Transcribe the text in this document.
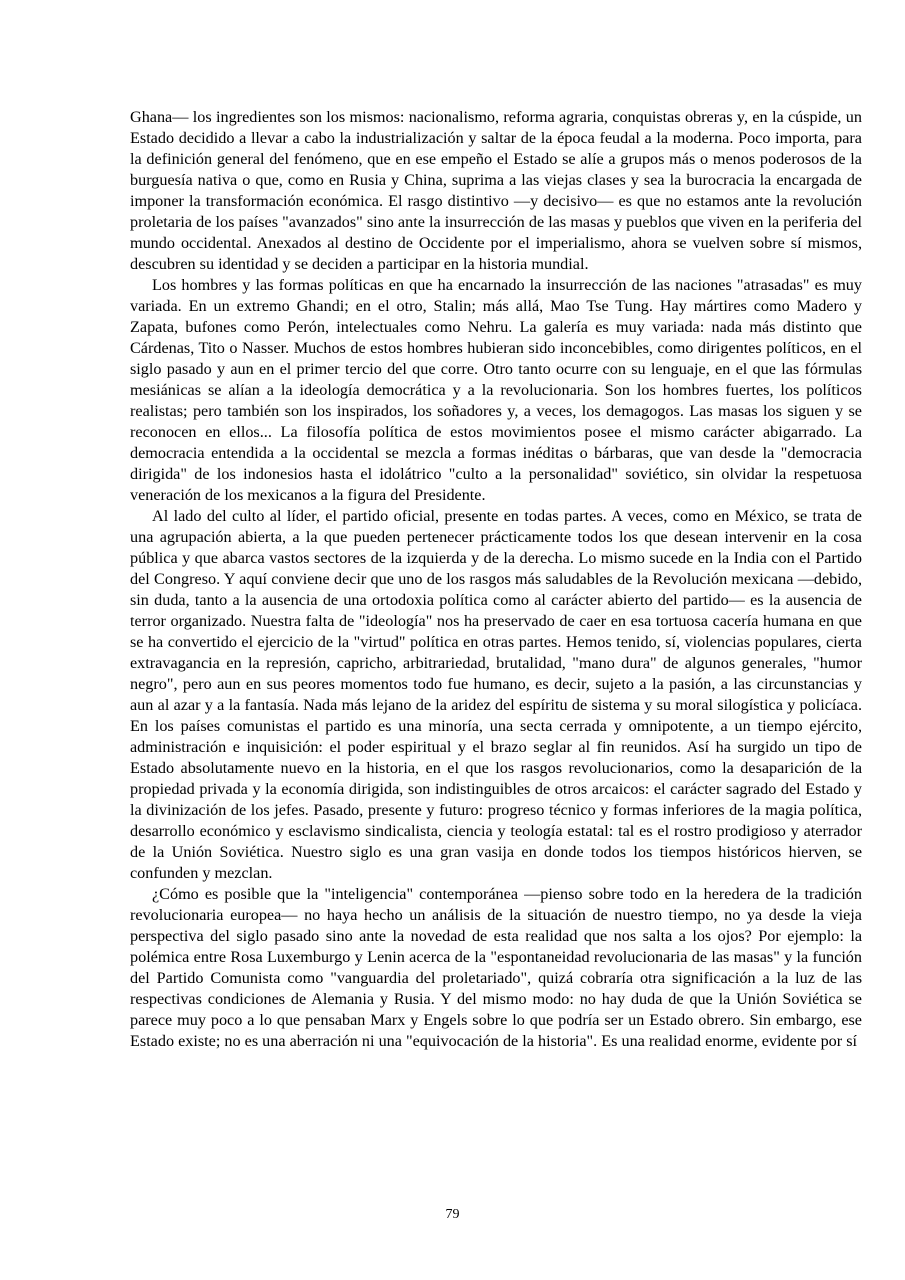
Ghana— los ingredientes son los mismos: nacionalismo, reforma agraria, conquistas obreras y, en la cúspide, un Estado decidido a llevar a cabo la industrialización y saltar de la época feudal a la moderna. Poco importa, para la definición general del fenómeno, que en ese empeño el Estado se alíe a grupos más o menos poderosos de la burguesía nativa o que, como en Rusia y China, suprima a las viejas clases y sea la burocracia la encargada de imponer la transformación económica. El rasgo distintivo —y decisivo— es que no estamos ante la revolución proletaria de los países "avanzados" sino ante la insurrección de las masas y pueblos que viven en la periferia del mundo occidental. Anexados al destino de Occidente por el imperialismo, ahora se vuelven sobre sí mismos, descubren su identidad y se deciden a participar en la historia mundial.

Los hombres y las formas políticas en que ha encarnado la insurrección de las naciones "atrasadas" es muy variada. En un extremo Ghandi; en el otro, Stalin; más allá, Mao Tse Tung. Hay mártires como Madero y Zapata, bufones como Perón, intelectuales como Nehru. La galería es muy variada: nada más distinto que Cárdenas, Tito o Nasser. Muchos de estos hombres hubieran sido inconcebibles, como dirigentes políticos, en el siglo pasado y aun en el primer tercio del que corre. Otro tanto ocurre con su lenguaje, en el que las fórmulas mesiánicas se alían a la ideología democrática y a la revolucionaria. Son los hombres fuertes, los políticos realistas; pero también son los inspirados, los soñadores y, a veces, los demagogos. Las masas los siguen y se reconocen en ellos... La filosofía política de estos movimientos posee el mismo carácter abigarrado. La democracia entendida a la occidental se mezcla a formas inéditas o bárbaras, que van desde la "democracia dirigida" de los indonesios hasta el idolátrico "culto a la personalidad" soviético, sin olvidar la respetuosa veneración de los mexicanos a la figura del Presidente.

Al lado del culto al líder, el partido oficial, presente en todas partes. A veces, como en México, se trata de una agrupación abierta, a la que pueden pertenecer prácticamente todos los que desean intervenir en la cosa pública y que abarca vastos sectores de la izquierda y de la derecha. Lo mismo sucede en la India con el Partido del Congreso. Y aquí conviene decir que uno de los rasgos más saludables de la Revolución mexicana —debido, sin duda, tanto a la ausencia de una ortodoxia política como al carácter abierto del partido— es la ausencia de terror organizado. Nuestra falta de "ideología" nos ha preservado de caer en esa tortuosa cacería humana en que se ha convertido el ejercicio de la "virtud" política en otras partes. Hemos tenido, sí, violencias populares, cierta extravagancia en la represión, capricho, arbitrariedad, brutalidad, "mano dura" de algunos generales, "humor negro", pero aun en sus peores momentos todo fue humano, es decir, sujeto a la pasión, a las circunstancias y aun al azar y a la fantasía. Nada más lejano de la aridez del espíritu de sistema y su moral silogística y policíaca. En los países comunistas el partido es una minoría, una secta cerrada y omnipotente, a un tiempo ejército, administración e inquisición: el poder espiritual y el brazo seglar al fin reunidos. Así ha surgido un tipo de Estado absolutamente nuevo en la historia, en el que los rasgos revolucionarios, como la desaparición de la propiedad privada y la economía dirigida, son indistinguibles de otros arcaicos: el carácter sagrado del Estado y la divinización de los jefes. Pasado, presente y futuro: progreso técnico y formas inferiores de la magia política, desarrollo económico y esclavismo sindicalista, ciencia y teología estatal: tal es el rostro prodigioso y aterrador de la Unión Soviética. Nuestro siglo es una gran vasija en donde todos los tiempos históricos hierven, se confunden y mezclan.

¿Cómo es posible que la "inteligencia" contemporánea —pienso sobre todo en la heredera de la tradición revolucionaria europea— no haya hecho un análisis de la situación de nuestro tiempo, no ya desde la vieja perspectiva del siglo pasado sino ante la novedad de esta realidad que nos salta a los ojos? Por ejemplo: la polémica entre Rosa Luxemburgo y Lenin acerca de la "espontaneidad revolucionaria de las masas" y la función del Partido Comunista como "vanguardia del proletariado", quizá cobraría otra significación a la luz de las respectivas condiciones de Alemania y Rusia. Y del mismo modo: no hay duda de que la Unión Soviética se parece muy poco a lo que pensaban Marx y Engels sobre lo que podría ser un Estado obrero. Sin embargo, ese Estado existe; no es una aberración ni una "equivocación de la historia". Es una realidad enorme, evidente por sí

79
